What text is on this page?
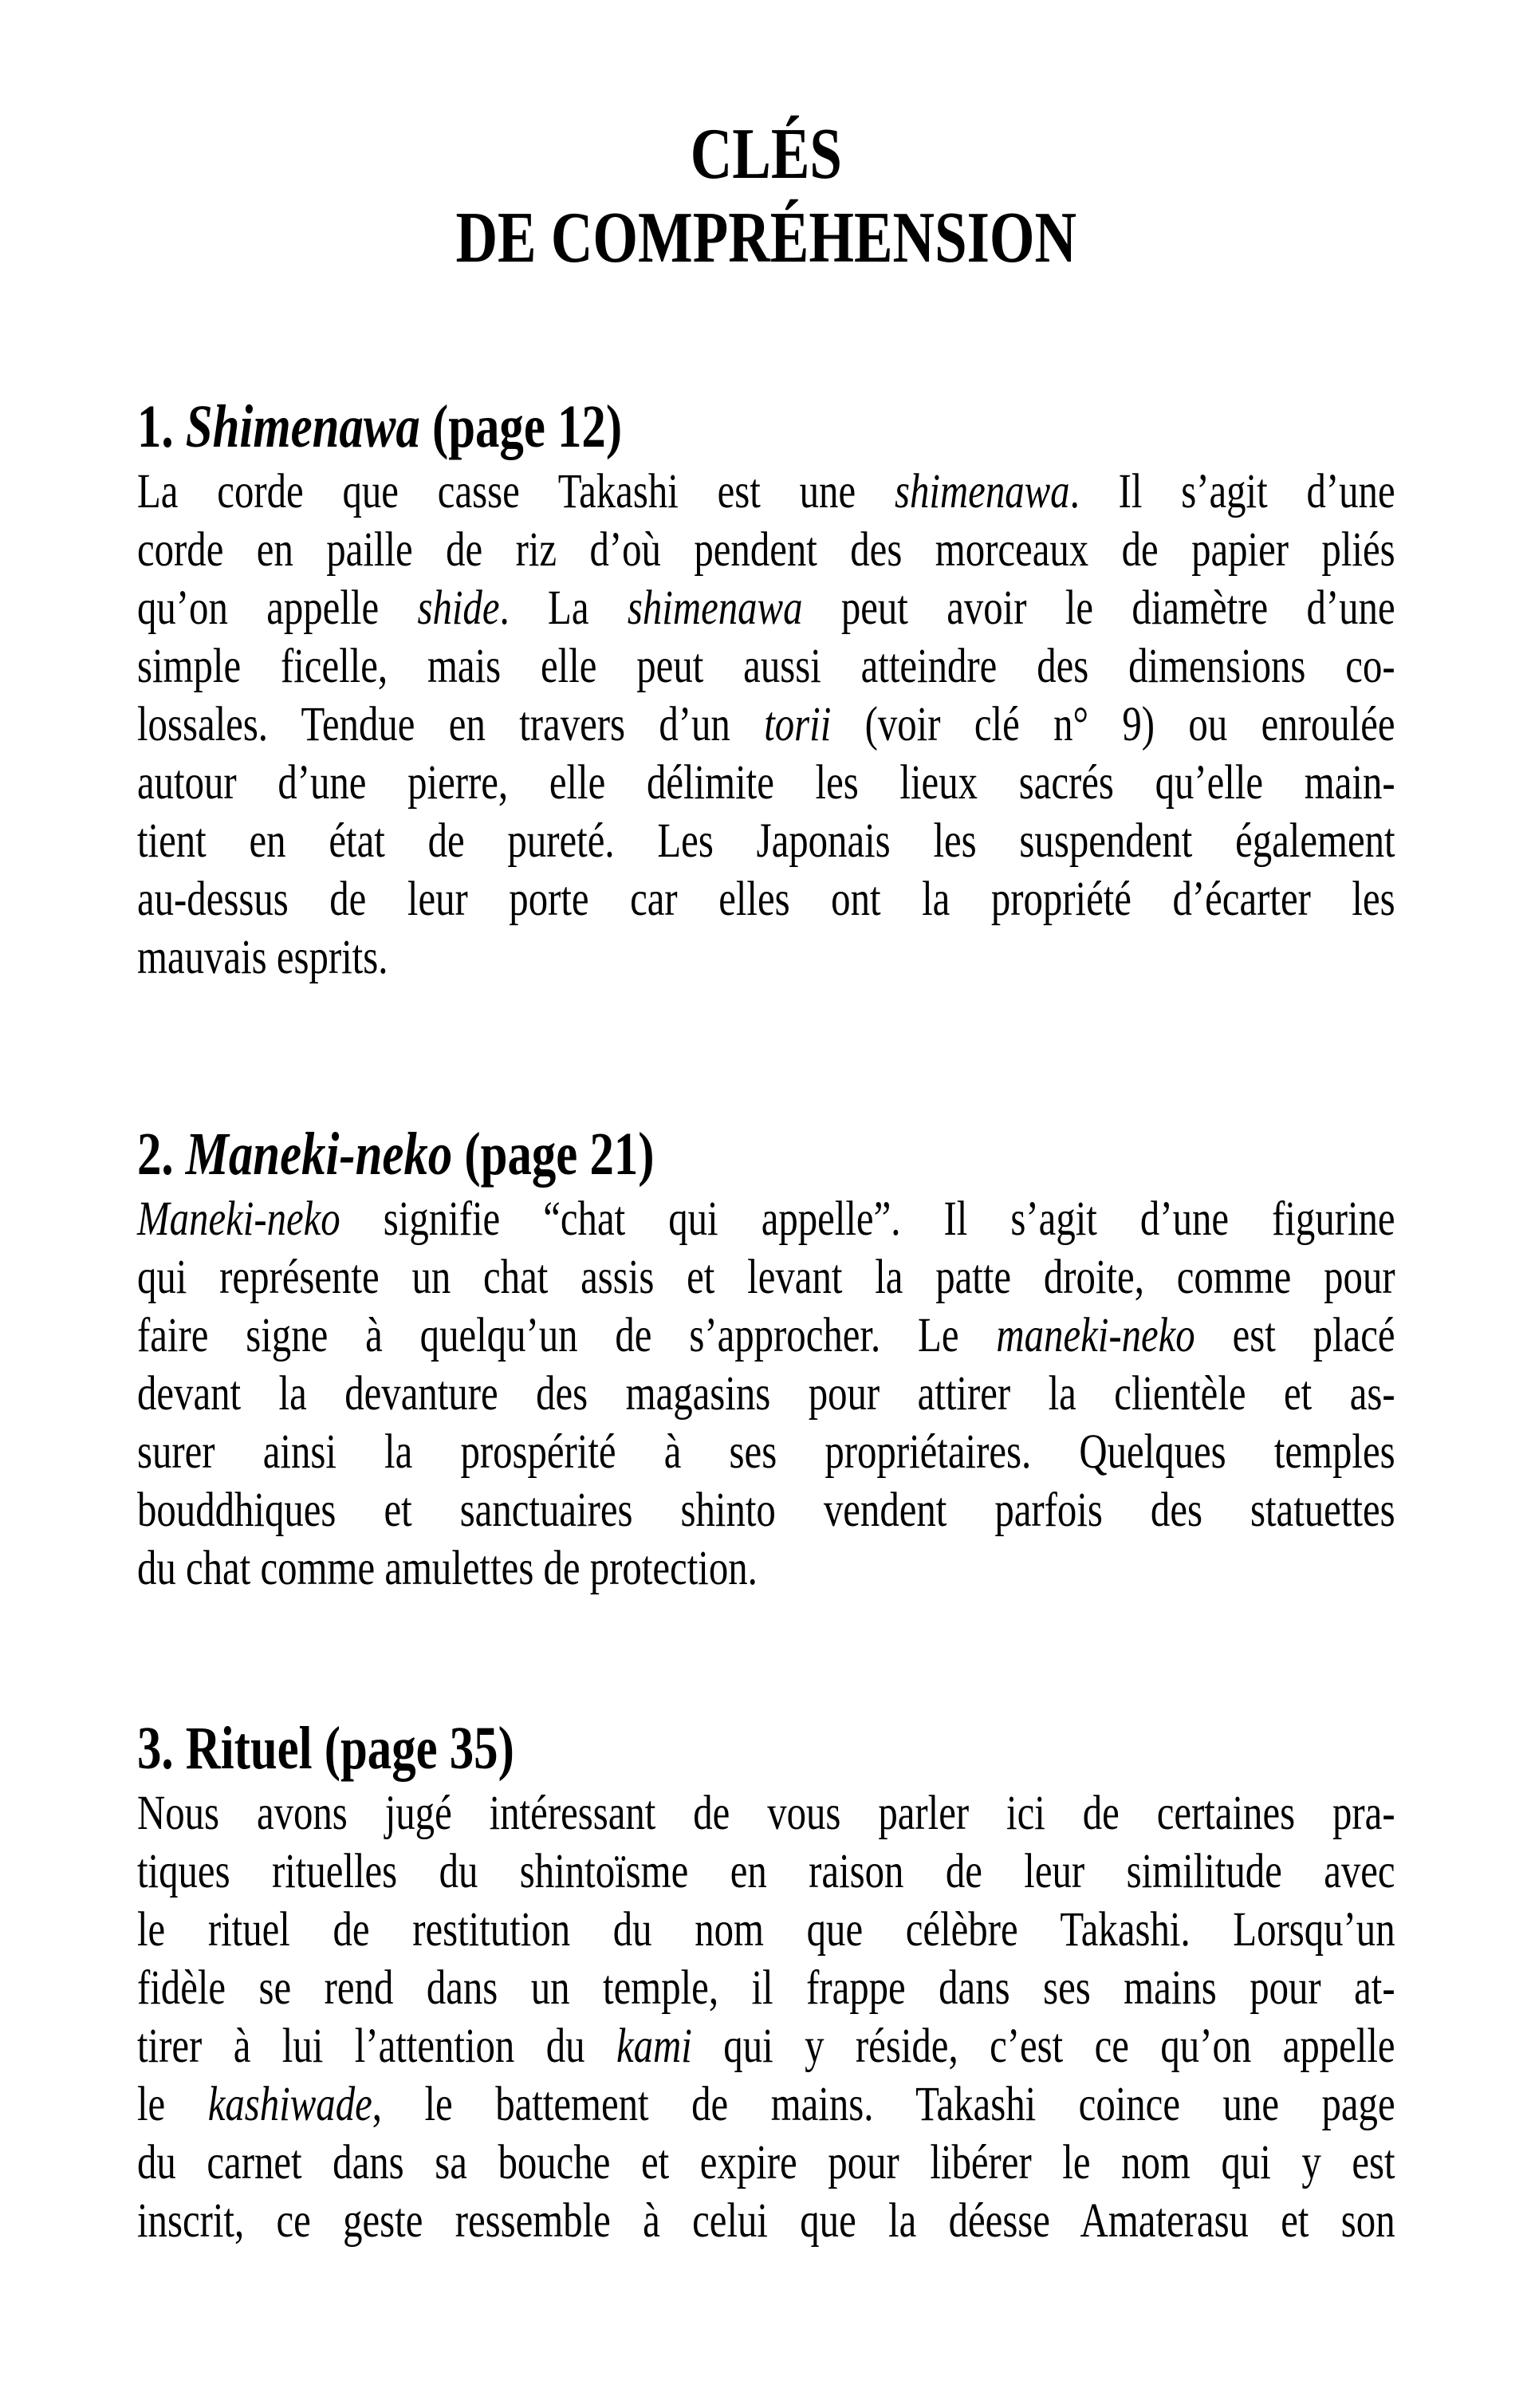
CLÉS
DE COMPRÉHENSION
1. Shimenawa (page 12)
La corde que casse Takashi est une shimenawa. Il s’agit d’une
corde en paille de riz d’où pendent des morceaux de papier pliés
qu’on appelle shide. La shimenawa peut avoir le diamètre d’une
simple ficelle, mais elle peut aussi atteindre des dimensions co-
lossales. Tendue en travers d’un torii (voir clé n° 9) ou enroulée
autour d’une pierre, elle délimite les lieux sacrés qu’elle main-
tient en état de pureté. Les Japonais les suspendent également
au-dessus de leur porte car elles ont la propriété d’écarter les
mauvais esprits.
2. Maneki-neko (page 21)
Maneki-neko signifie “chat qui appelle”. Il s’agit d’une figurine
qui représente un chat assis et levant la patte droite, comme pour
faire signe à quelqu’un de s’approcher. Le maneki-neko est placé
devant la devanture des magasins pour attirer la clientèle et as-
surer ainsi la prospérité à ses propriétaires. Quelques temples
bouddhiques et sanctuaires shinto vendent parfois des statuettes
du chat comme amulettes de protection.
3. Rituel (page 35)
Nous avons jugé intéressant de vous parler ici de certaines pra-
tiques rituelles du shintoïsme en raison de leur similitude avec
le rituel de restitution du nom que célèbre Takashi. Lorsqu’un
fidèle se rend dans un temple, il frappe dans ses mains pour at-
tirer à lui l’attention du kami qui y réside, c’est ce qu’on appelle
le kashiwade, le battement de mains. Takashi coince une page
du carnet dans sa bouche et expire pour libérer le nom qui y est
inscrit, ce geste ressemble à celui que la déesse Amaterasu et son
